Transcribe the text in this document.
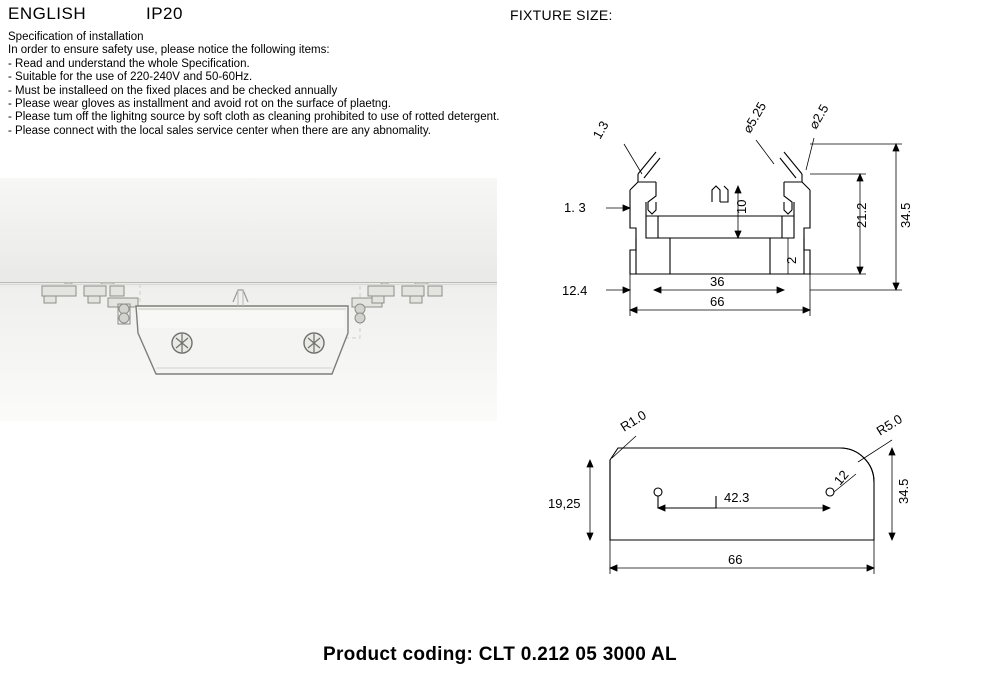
ENGLISH	IP20	FIXTURE SIZE:
Specification of installation
In order to ensure safety use, please notice the following items:
- Read and understand the whole Specification.
- Suitable for the use of 220-240V and 50-60Hz.
- Must be installeed on the fixed places and be checked annually
- Please wear gloves as installment and avoid rot on the surface of plaetng.
- Please tum off the lighitng source by soft cloth as cleaning prohibited to use of rotted detergent.
- Please connect with the local sales service center when there are any abnomality.	1.3
1. 3
⌀5.25	⌀2.5
21.2 34.5
10
2
12.4
36
66
R1.0	R5.0
12
19,25	42.3	34.5
66
Product coding: CLT 0.212 05 3000 AL
